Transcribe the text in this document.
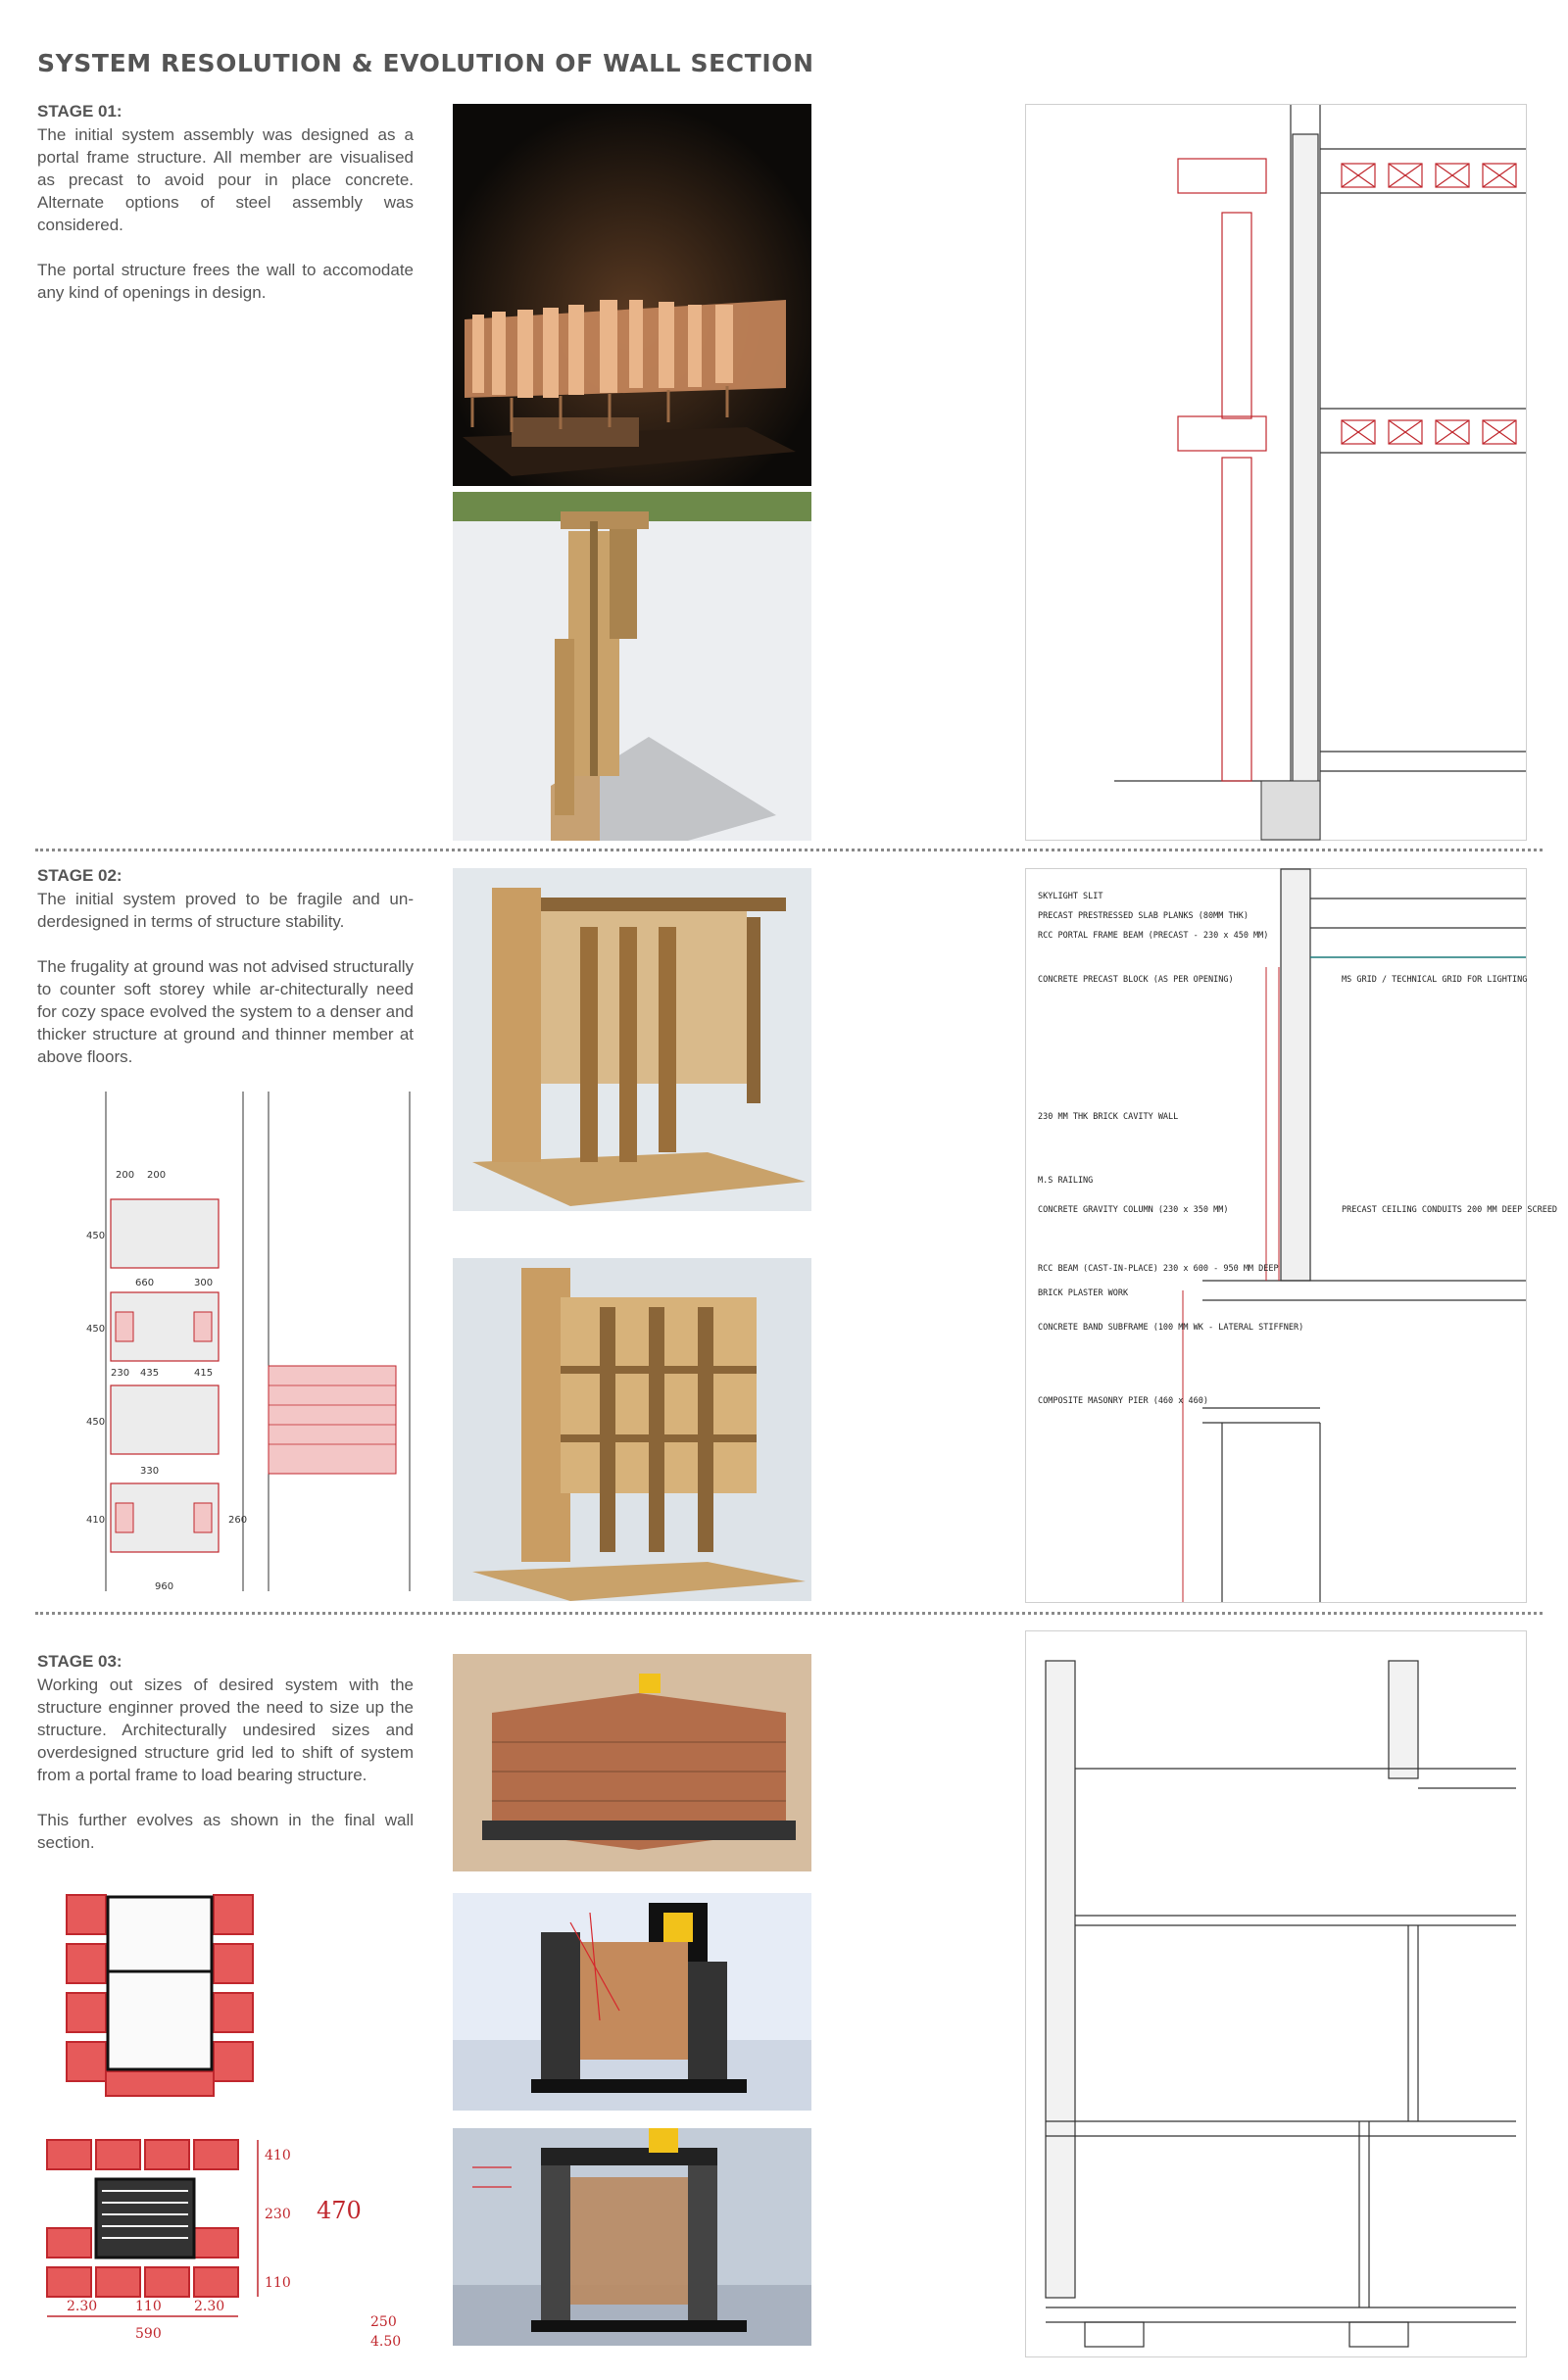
SYSTEM RESOLUTION & EVOLUTION OF WALL SECTION
STAGE 01:

The initial system assembly was designed as a portal frame structure. All member are visualised as precast to avoid pour in place concrete. Alternate options of steel assembly was considered.

The portal structure frees the wall to accomodate any kind of openings in design.

STAGE 02:

The initial system proved to be fragile and un-derdesigned in terms of structure stability.

The frugality at ground was not advised structurally to counter soft storey while ar-chitecturally need for cozy space evolved the system to a denser and thicker structure at ground and thinner member at above floors.

200 200
450
660	300
450
230 435	415
450
330
410
960
260
SKYLIGHT SLIT
PRECAST PRESTRESSED SLAB PLANKS (80MM THK)
RCC PORTAL FRAME BEAM (PRECAST - 230 x 450 MM)
CONCRETE PRECAST BLOCK (AS PER OPENING)	MS GRID / TECHNICAL GRID FOR LIGHTING
230 MM THK BRICK CAVITY WALL
M.S RAILING
CONCRETE GRAVITY COLUMN (230 x 350 MM)	PRECAST CEILING CONDUITS 200 MM DEEP SCREED
RCC BEAM (CAST-IN-PLACE) 230 x 600 - 950 MM DEEP
BRICK PLASTER WORK
CONCRETE BAND SUBFRAME (100 MM WK - LATERAL STIFFNER)
COMPOSITE MASONRY PIER (460 x 460)
STAGE 03:

Working out sizes of desired system with the structure enginner proved the need to size up the structure. Architecturally undesired sizes and overdesigned structure grid led to shift of system from a portal frame to load bearing structure.

This further evolves as shown in the final wall section.

410
230 470
110
2.30	110 2.30
590
250
4.50
